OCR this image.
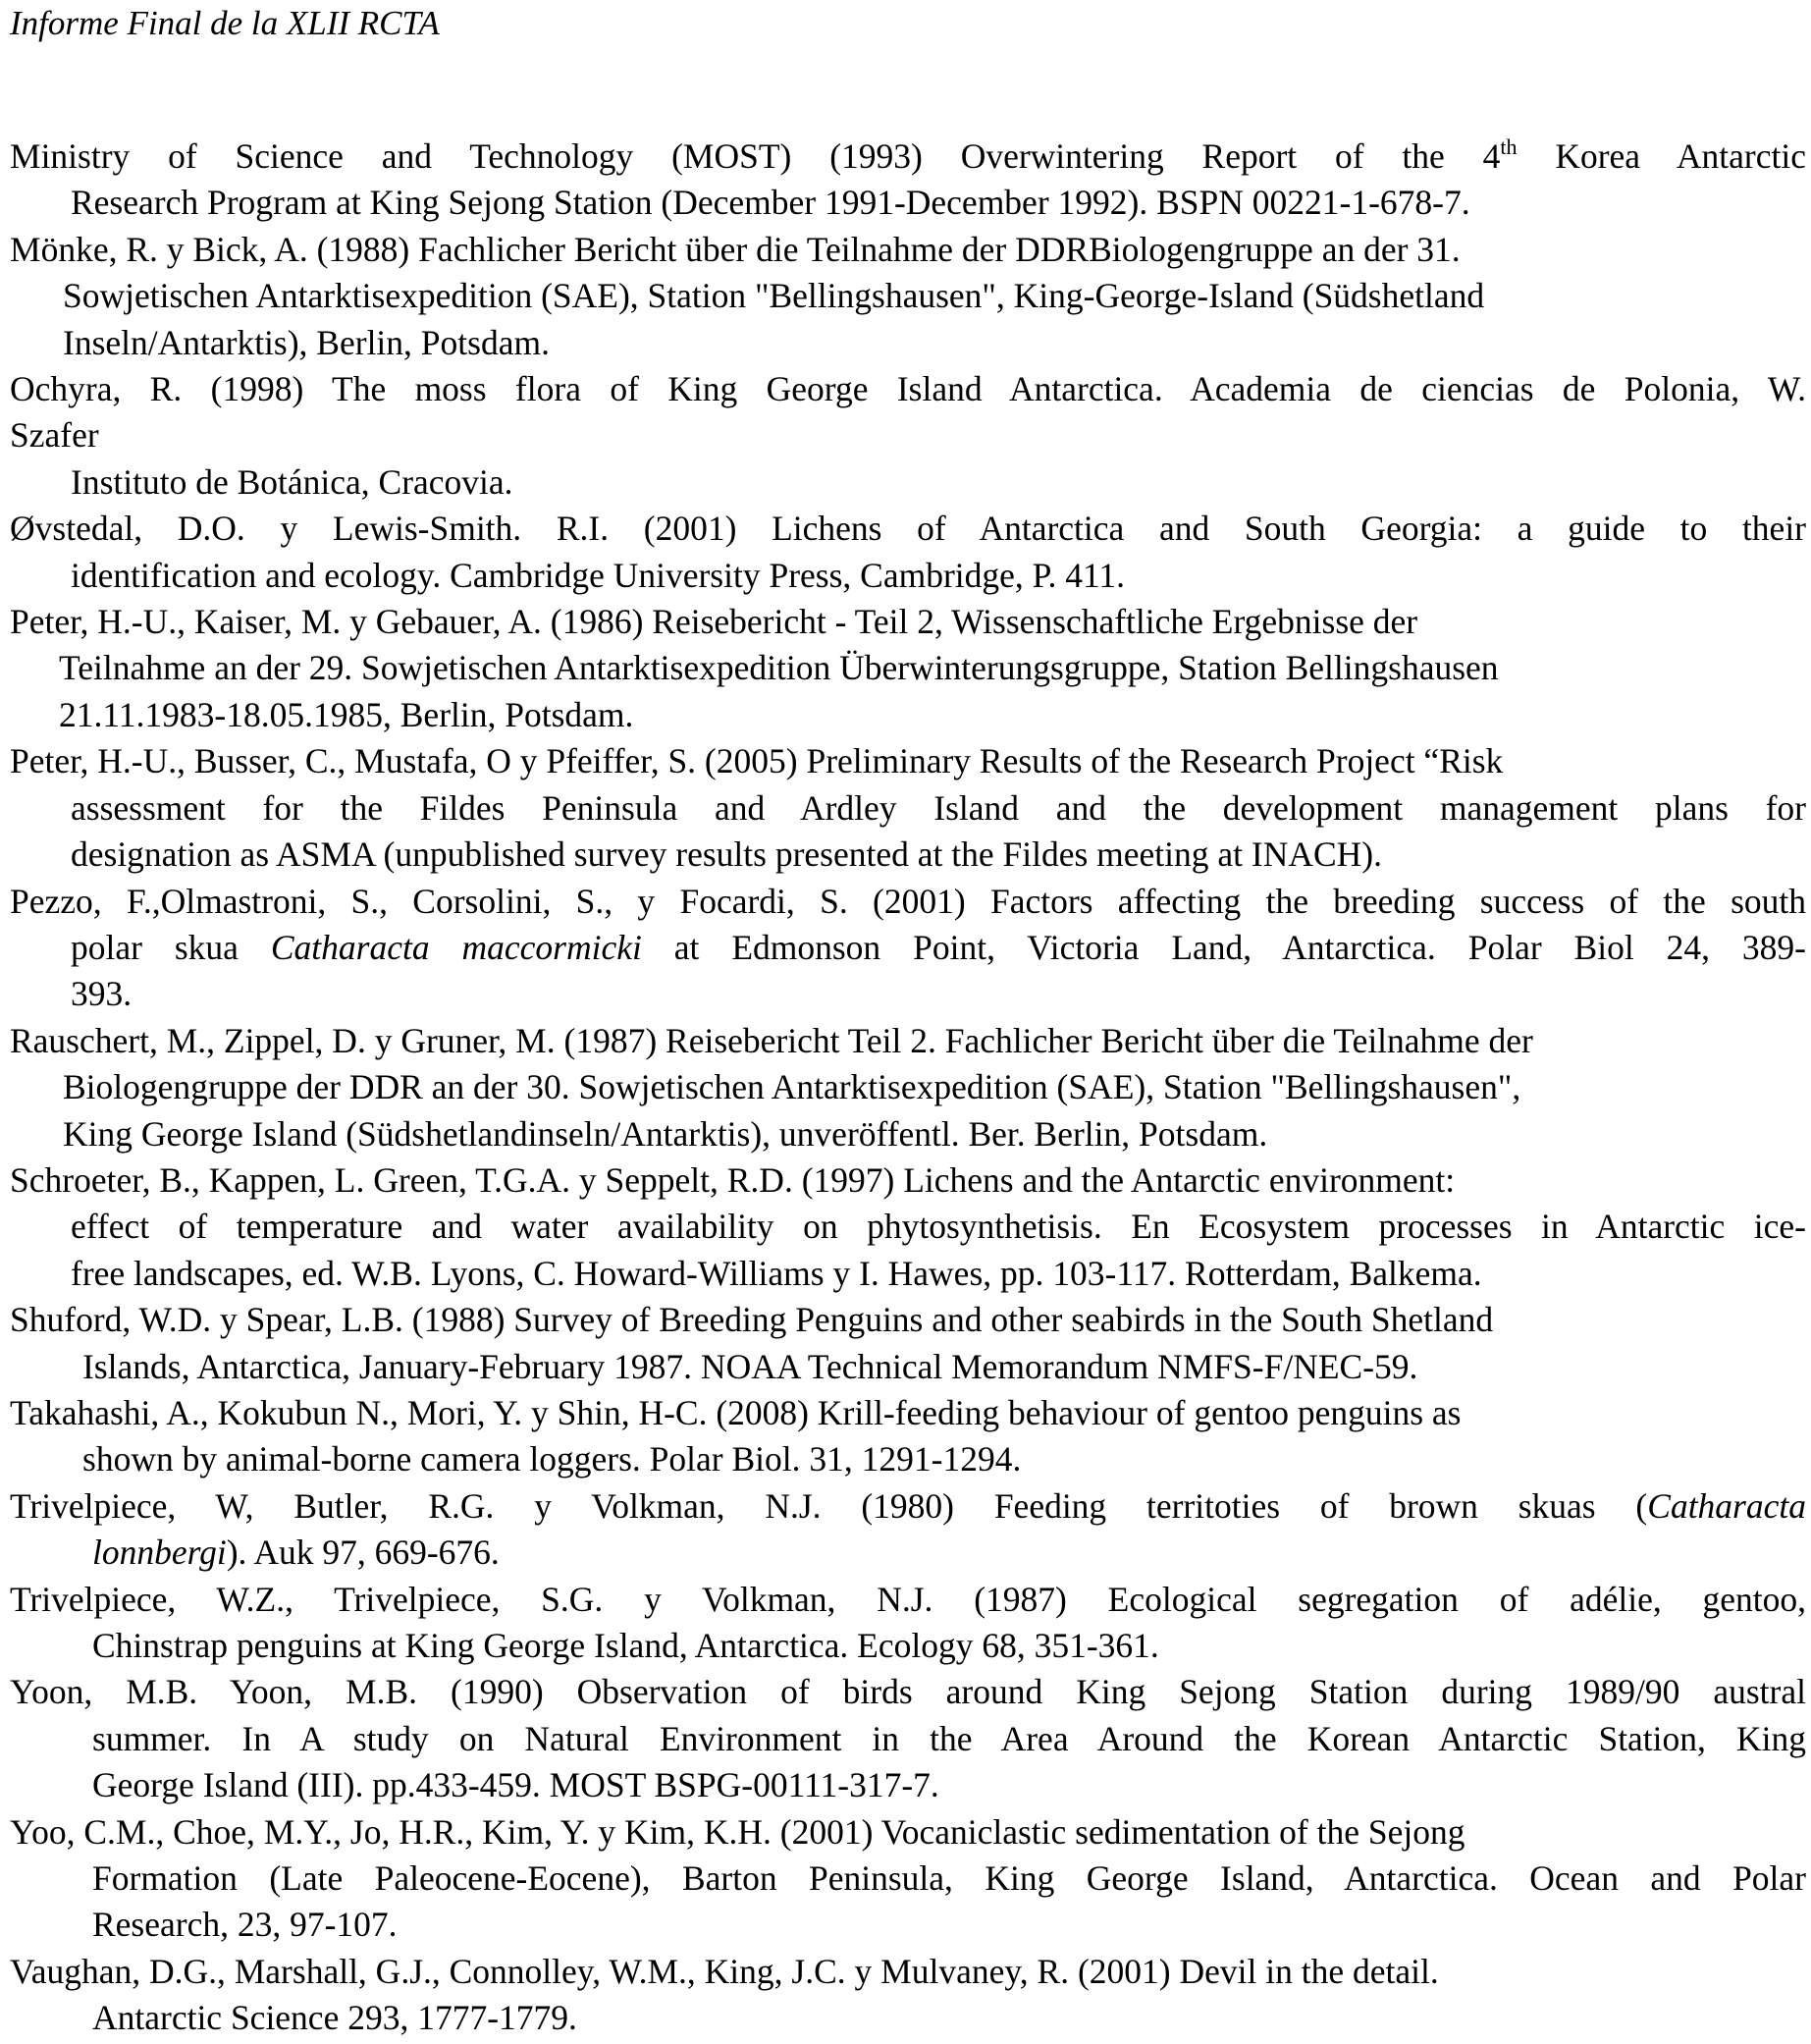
Informe Final de la XLII RCTA
Ministry of Science and Technology (MOST) (1993) Overwintering Report of the 4th Korea Antarctic
Research Program at King Sejong Station (December 1991-December 1992). BSPN 00221-1-678-7.
Mönke, R. y Bick, A. (1988) Fachlicher Bericht über die Teilnahme der DDRBiologengruppe an der 31.
Sowjetischen Antarktisexpedition (SAE), Station "Bellingshausen", King-George-Island (Südshetland
Inseln/Antarktis), Berlin, Potsdam.
Ochyra, R. (1998) The moss flora of King George Island Antarctica. Academia de ciencias de Polonia, W.
Szafer
Instituto de Botánica, Cracovia.
Øvstedal, D.O. y Lewis-Smith. R.I. (2001) Lichens of Antarctica and South Georgia: a guide to their
identification and ecology. Cambridge University Press, Cambridge, P. 411.
Peter, H.-U., Kaiser, M. y Gebauer, A. (1986) Reisebericht - Teil 2, Wissenschaftliche Ergebnisse der
Teilnahme an der 29. Sowjetischen Antarktisexpedition Überwinterungsgruppe, Station Bellingshausen
21.11.1983-18.05.1985, Berlin, Potsdam.
Peter, H.-U., Busser, C., Mustafa, O y Pfeiffer, S. (2005) Preliminary Results of the Research Project “Risk
assessment for the Fildes Peninsula and Ardley Island and the development management plans for
designation as ASMA (unpublished survey results presented at the Fildes meeting at INACH).
Pezzo, F.,Olmastroni, S., Corsolini, S., y Focardi, S. (2001) Factors affecting the breeding success of the south
polar skua Catharacta maccormicki at Edmonson Point, Victoria Land, Antarctica. Polar Biol 24, 389-
393.
Rauschert, M., Zippel, D. y Gruner, M. (1987) Reisebericht Teil 2. Fachlicher Bericht über die Teilnahme der
Biologengruppe der DDR an der 30. Sowjetischen Antarktisexpedition (SAE), Station "Bellingshausen",
King George Island (Südshetlandinseln/Antarktis), unveröffentl. Ber. Berlin, Potsdam.
Schroeter, B., Kappen, L. Green, T.G.A. y Seppelt, R.D. (1997) Lichens and the Antarctic environment:
effect of temperature and water availability on phytosynthetisis. En Ecosystem processes in Antarctic ice-
free landscapes, ed. W.B. Lyons, C. Howard-Williams y I. Hawes, pp. 103-117. Rotterdam, Balkema.
Shuford, W.D. y Spear, L.B. (1988) Survey of Breeding Penguins and other seabirds in the South Shetland
Islands, Antarctica, January-February 1987. NOAA Technical Memorandum NMFS-F/NEC-59.
Takahashi, A., Kokubun N., Mori, Y. y Shin, H-C. (2008) Krill-feeding behaviour of gentoo penguins as
shown by animal-borne camera loggers. Polar Biol. 31, 1291-1294.
Trivelpiece, W, Butler, R.G. y Volkman, N.J. (1980) Feeding territoties of brown skuas (Catharacta
lonnbergi). Auk 97, 669-676.
Trivelpiece, W.Z., Trivelpiece, S.G. y Volkman, N.J. (1987) Ecological segregation of adélie, gentoo,
Chinstrap penguins at King George Island, Antarctica. Ecology 68, 351-361.
Yoon, M.B. Yoon, M.B. (1990) Observation of birds around King Sejong Station during 1989/90 austral
summer. In A study on Natural Environment in the Area Around the Korean Antarctic Station, King
George Island (III). pp.433-459. MOST BSPG-00111-317-7.
Yoo, C.M., Choe, M.Y., Jo, H.R., Kim, Y. y Kim, K.H. (2001) Vocaniclastic sedimentation of the Sejong
Formation (Late Paleocene-Eocene), Barton Peninsula, King George Island, Antarctica. Ocean and Polar
Research, 23, 97-107.
Vaughan, D.G., Marshall, G.J., Connolley, W.M., King, J.C. y Mulvaney, R. (2001) Devil in the detail.
Antarctic Science 293, 1777-1779.
